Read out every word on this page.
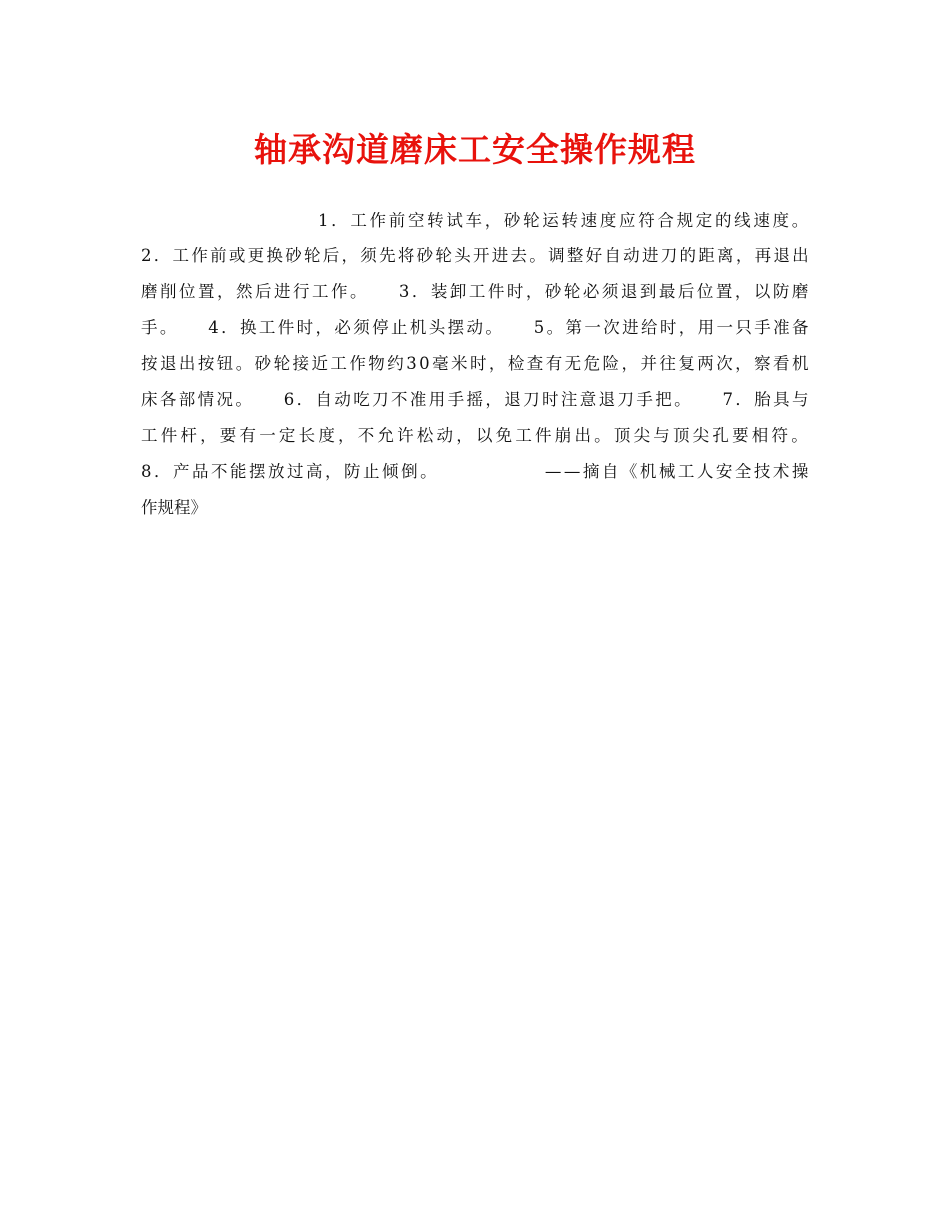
轴承沟道磨床工安全操作规程
1．工作前空转试车，砂轮运转速度应符合规定的线速度。
2．工作前或更换砂轮后，须先将砂轮头开进去。调整好自动进刀的距离，再退出
磨削位置，然后进行工作。　　3．装卸工件时，砂轮必须退到最后位置，以防磨
手。　　4．换工件时，必须停止机头摆动。　　5。第一次进给时，用一只手准备
按退出按钮。砂轮接近工作物约30毫米时，检查有无危险，并往复两次，察看机
床各部情况。　　6．自动吃刀不准用手摇，退刀时注意退刀手把。　　7．胎具与
工件杆，要有一定长度，不允许松动，以免工件崩出。顶尖与顶尖孔要相符。
8．产品不能摆放过高，防止倾倒。　　　　　　——摘自《机械工人安全技术操
作规程》
